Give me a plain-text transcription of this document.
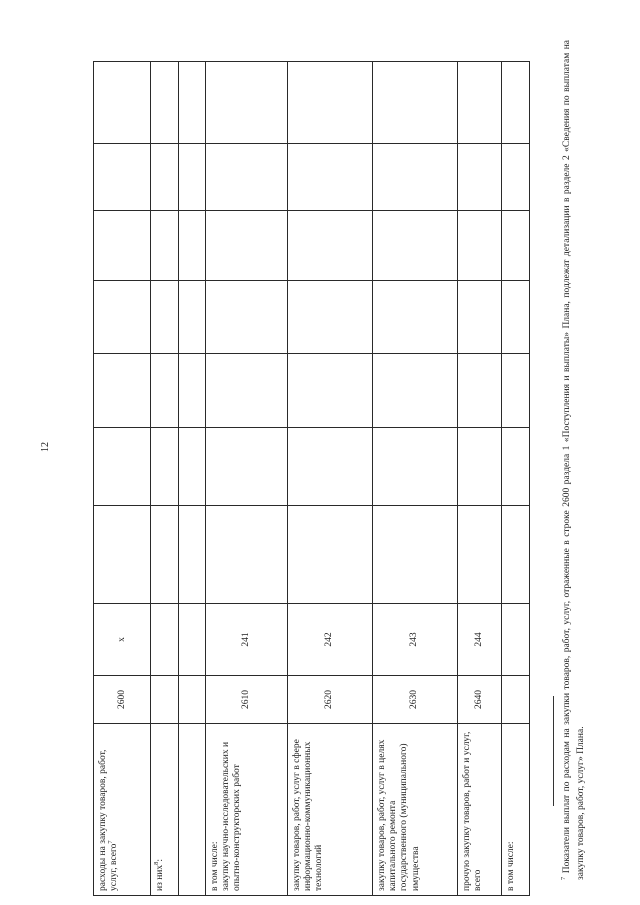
12
расходы на закупку товаров, работ, услуг, всего$^7$	2600	x							
из них$^8$:									

в том числе:
закупку научно-исследовательских и опытно-конструкторских работ	2610	241							
закупку товаров, работ, услуг в сфере информационно-коммуникационных технологий	2620	242							
закупку товаров, работ, услуг в целях капитального ремонта государственного (муниципального) имущества	2630	243							
прочую закупку товаров, работ и услуг, всего	2640	244							
в том числе:										$^7$ Показатели выплат по расходам на закупки товаров, работ, услуг, отраженные в строке 2600 раздела 1 «Поступления и выплаты» Плана, подлежат детализации в разделе 2 «Сведения по выплатам на закупку товаров, работ, услуг» Плана.
